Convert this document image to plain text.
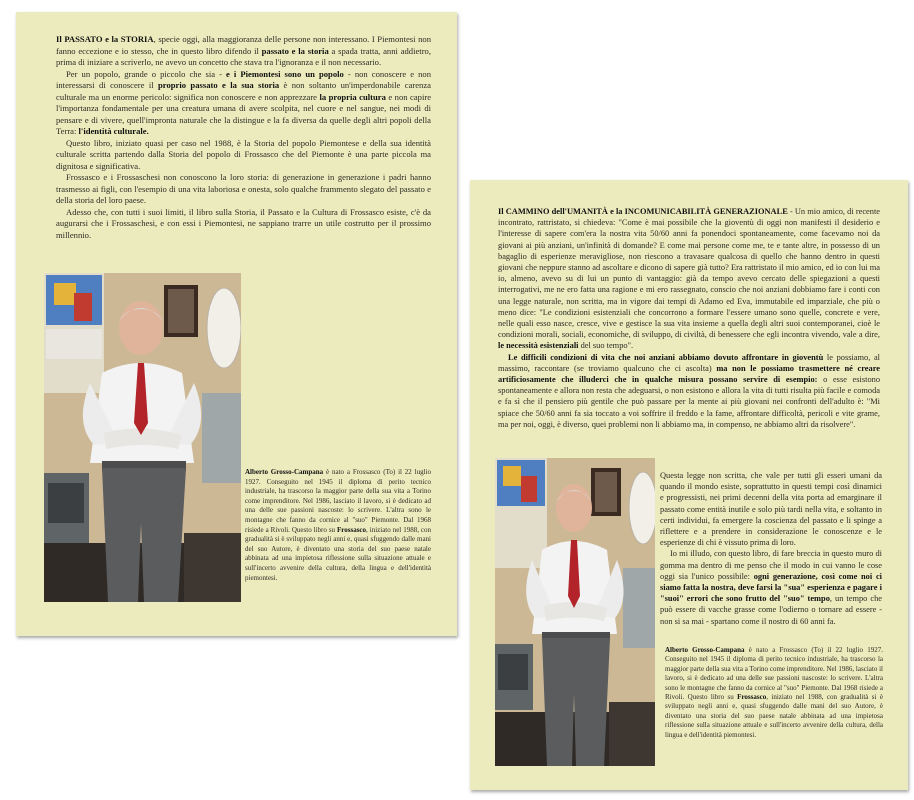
Il PASSATO e la STORIA, specie oggi, alla maggioranza delle persone non interessano. I Piemontesi non fanno eccezione e io stesso, che in questo libro difendo il passato e la storia a spada tratta, anni addietro, prima di iniziare a scriverlo, ne avevo un concetto che stava tra l'ignoranza e il non necessario.

Per un popolo, grande o piccolo che sia - e i Piemontesi sono un popolo - non conoscere e non interessarsi di conoscere il proprio passato e la sua storia è non soltanto un'imperdonabile carenza culturale ma un enorme pericolo: significa non conoscere e non apprezzare la propria cultura e non capire l'importanza fondamentale per una creatura umana di avere scolpita, nel cuore e nel sangue, nei modi di pensare e di vivere, quell'impronta naturale che la distingue e la fa diversa da quelle degli altri popoli della Terra: l'identità culturale.

Questo libro, iniziato quasi per caso nel 1988, è la Storia del popolo Piemontese e della sua identità culturale scritta partendo dalla Storia del popolo di Frossasco che del Piemonte è una parte piccola ma dignitosa e significativa.

Frossasco e i Frossaschesi non conoscono la loro storia: di generazione in generazione i padri hanno trasmesso ai figli, con l'esempio di una vita laboriosa e onesta, solo qualche frammento slegato del passato e della storia del loro paese.

Adesso che, con tutti i suoi limiti, il libro sulla Storia, il Passato e la Cultura di Frossasco esiste, c'è da augurarsi che i Frossaschesi, e con essi i Piemontesi, ne sappiano trarre un utile costrutto per il prossimo millennio.

Alberto Grosso-Campana è nato a Frossasco (To) il 22 luglio 1927. Conseguito nel 1945 il diploma di perito tecnico industriale, ha trascorso la maggior parte della sua vita a Torino come imprenditore. Nel 1986, lasciato il lavoro, si è dedicato ad una delle sue passioni nascoste: lo scrivere. L'altra sono le montagne che fanno da cornice al "suo" Piemonte. Dal 1968 risiede a Rivoli. Questo libro su Frossasco, iniziato nel 1988, con gradualità si è sviluppato negli anni e, quasi sfuggendo dalle mani del suo Autore, è diventato una storia del suo paese natale abbinata ad una impietosa riflessione sulla situazione attuale e sull'incerto avvenire della cultura, della lingua e dell'identità piemontesi.

Il CAMMINO dell'UMANITÀ e la INCOMUNICABILITÀ GENERAZIONALE - Un mio amico, di recente incontrato, rattristato, si chiedeva: "Come è mai possibile che la gioventù di oggi non manifesti il desiderio e l'interesse di sapere com'era la nostra vita 50/60 anni fa ponendoci spontaneamente, come facevamo noi da giovani ai più anziani, un'infinità di domande? E come mai persone come me, te e tante altre, in possesso di un bagaglio di esperienze meravigliose, non riescono a travasare qualcosa di quello che hanno dentro in questi giovani che neppure stanno ad ascoltare e dicono di sapere già tutto? Era rattristato il mio amico, ed io con lui ma io, almeno, avevo su di lui un punto di vantaggio: già da tempo avevo cercato delle spiegazioni a questi interrogativi, me ne ero fatta una ragione e mi ero rassegnato, conscio che noi anziani dobbiamo fare i conti con una legge naturale, non scritta, ma in vigore dai tempi di Adamo ed Eva, immutabile ed imparziale, che più o meno dice: "Le condizioni esistenziali che concorrono a formare l'essere umano sono quelle, concrete e vere, nelle quali esso nasce, cresce, vive e gestisce la sua vita insieme a quella degli altri suoi contemporanei, cioè le condizioni morali, sociali, economiche, di sviluppo, di civiltà, di benessere che egli incontra vivendo, vale a dire, le necessità esistenziali del suo tempo".

Le difficili condizioni di vita che noi anziani abbiamo dovuto affrontare in gioventù le possiamo, al massimo, raccontare (se troviamo qualcuno che ci ascolta) ma non le possiamo trasmettere né creare artificiosamente che illuderci che in qualche misura possano servire di esempio: o esse esistono spontaneamente e allora non resta che adeguarsi, o non esistono e allora la vita di tutti risulta più facile e comoda e fa sì che il pensiero più gentile che può passare per la mente ai più giovani nei confronti dell'adulto è: "Mi spiace che 50/60 anni fa sia toccato a voi soffrire il freddo e la fame, affrontare difficoltà, pericoli e vite grame, ma per noi, oggi, è diverso, quei problemi non li abbiamo ma, in compenso, ne abbiamo altri da risolvere".

Questa legge non scritta, che vale per tutti gli esseri umani da quando il mondo esiste, soprattutto in questi tempi così dinamici e progressisti, nei primi decenni della vita porta ad emarginare il passato come entità inutile e solo più tardi nella vita, e soltanto in certi individui, fa emergere la coscienza del passato e li spinge a riflettere e a prendere in considerazione le conoscenze e le esperienze di chi è vissuto prima di loro.

Io mi illudo, con questo libro, di fare breccia in questo muro di gomma ma dentro di me penso che il modo in cui vanno le cose oggi sia l'unico possibile: ogni generazione, così come noi ci siamo fatta la nostra, deve farsi la "sua" esperienza e pagare i "suoi" errori che sono frutto del "suo" tempo, un tempo che può essere di vacche grasse come l'odierno o tornare ad essere - non si sa mai - spartano come il nostro di 60 anni fa.

Alberto Grosso-Campana è nato a Frossasco (To) il 22 luglio 1927. Conseguito nel 1945 il diploma di perito tecnico industriale, ha trascorso la maggior parte della sua vita a Torino come imprenditore. Nel 1986, lasciato il lavoro, si è dedicato ad una delle sue passioni nascoste: lo scrivere. L'altra sono le montagne che fanno da cornice al "suo" Piemonte. Dal 1968 risiede a Rivoli. Questo libro su Frossasco, iniziato nel 1988, con gradualità si è sviluppato negli anni e, quasi sfuggendo dalle mani del suo Autore, è diventato una storia del suo paese natale abbinata ad una impietosa riflessione sulla situazione attuale e sull'incerto avvenire della cultura, della lingua e dell'identità piemontesi.
